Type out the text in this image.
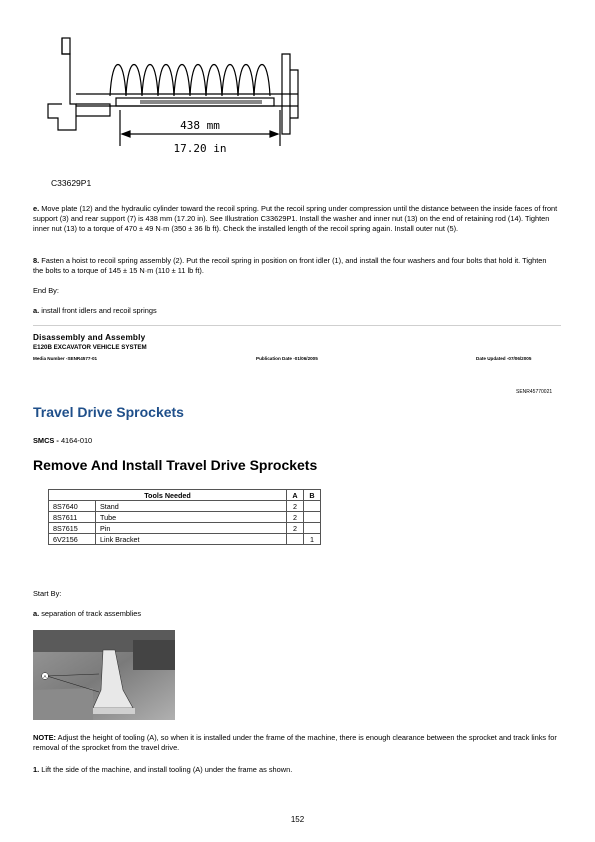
438 mm
17.20 in
C33629P1
e. Move plate (12) and the hydraulic cylinder toward the recoil spring. Put the recoil spring under compression until the distance between the inside faces of front support (3) and rear support (7) is 438 mm (17.20 in). See Illustration C33629P1. Install the washer and inner nut (13) on the end of retaining rod (14). Tighten inner nut (13) to a torque of 470 ± 49 N·m (350 ± 36 lb ft). Check the installed length of the recoil spring again. Install outer nut (5).
8. Fasten a hoist to recoil spring assembly (2). Put the recoil spring in position on front idler (1), and install the four washers and four bolts that hold it. Tighten the bolts to a torque of 145 ± 15 N·m (110 ± 11 lb ft).
End By:
a. install front idlers and recoil springs
Disassembly and Assembly
E120B EXCAVATOR VEHICLE SYSTEM
Media Number -SENR4577-01	Publication Date -01/06/2005	Date Updated -07/06/2005
SENR45770021
Travel Drive Sprockets
SMCS - 4164-010
Remove And Install Travel Drive Sprockets
Tools Needed		A	B
8S7640	Stand	2	
8S7611	Tube	2	
8S7615	Pin	2	
6V2156	Link Bracket		1
Start By:
a. separation of track assemblies
A
NOTE: Adjust the height of tooling (A), so when it is installed under the frame of the machine, there is enough clearance between the sprocket and track links for removal of the sprocket from the travel drive.
1. Lift the side of the machine, and install tooling (A) under the frame as shown.
152
